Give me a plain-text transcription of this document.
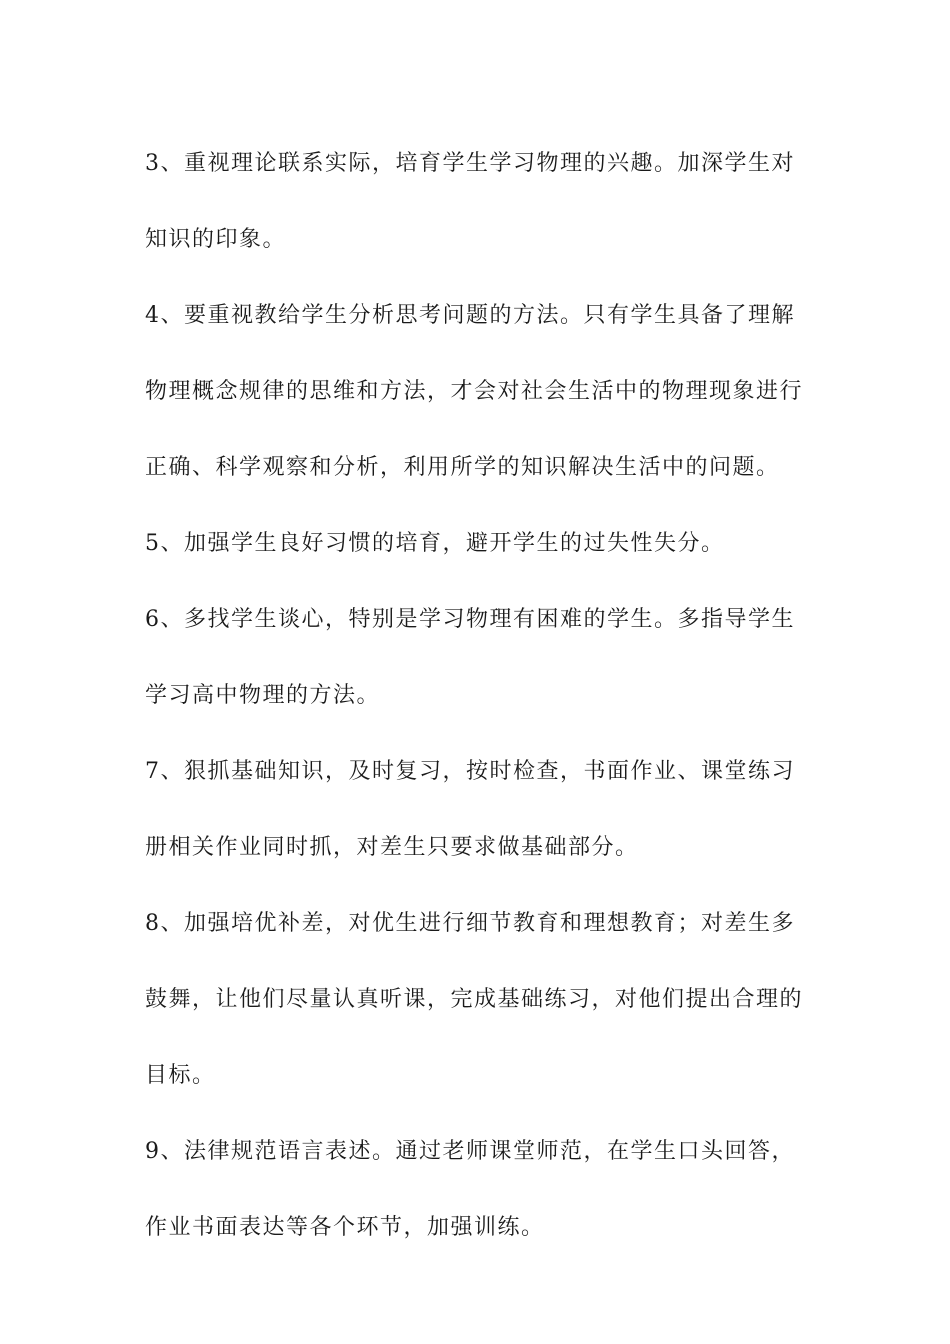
3、重视理论联系实际，培育学生学习物理的兴趣。加深学生对知识的印象。

4、要重视教给学生分析思考问题的方法。只有学生具备了理解物理概念规律的思维和方法，才会对社会生活中的物理现象进行正确、科学观察和分析，利用所学的知识解决生活中的问题。

5、加强学生良好习惯的培育，避开学生的过失性失分。

6、多找学生谈心，特别是学习物理有困难的学生。多指导学生学习高中物理的方法。

7、狠抓基础知识，及时复习，按时检查，书面作业、课堂练习册相关作业同时抓，对差生只要求做基础部分。

8、加强培优补差，对优生进行细节教育和理想教育；对差生多鼓舞，让他们尽量认真听课，完成基础练习，对他们提出合理的目标。

9、法律规范语言表述。通过老师课堂师范，在学生口头回答，作业书面表达等各个环节，加强训练。
